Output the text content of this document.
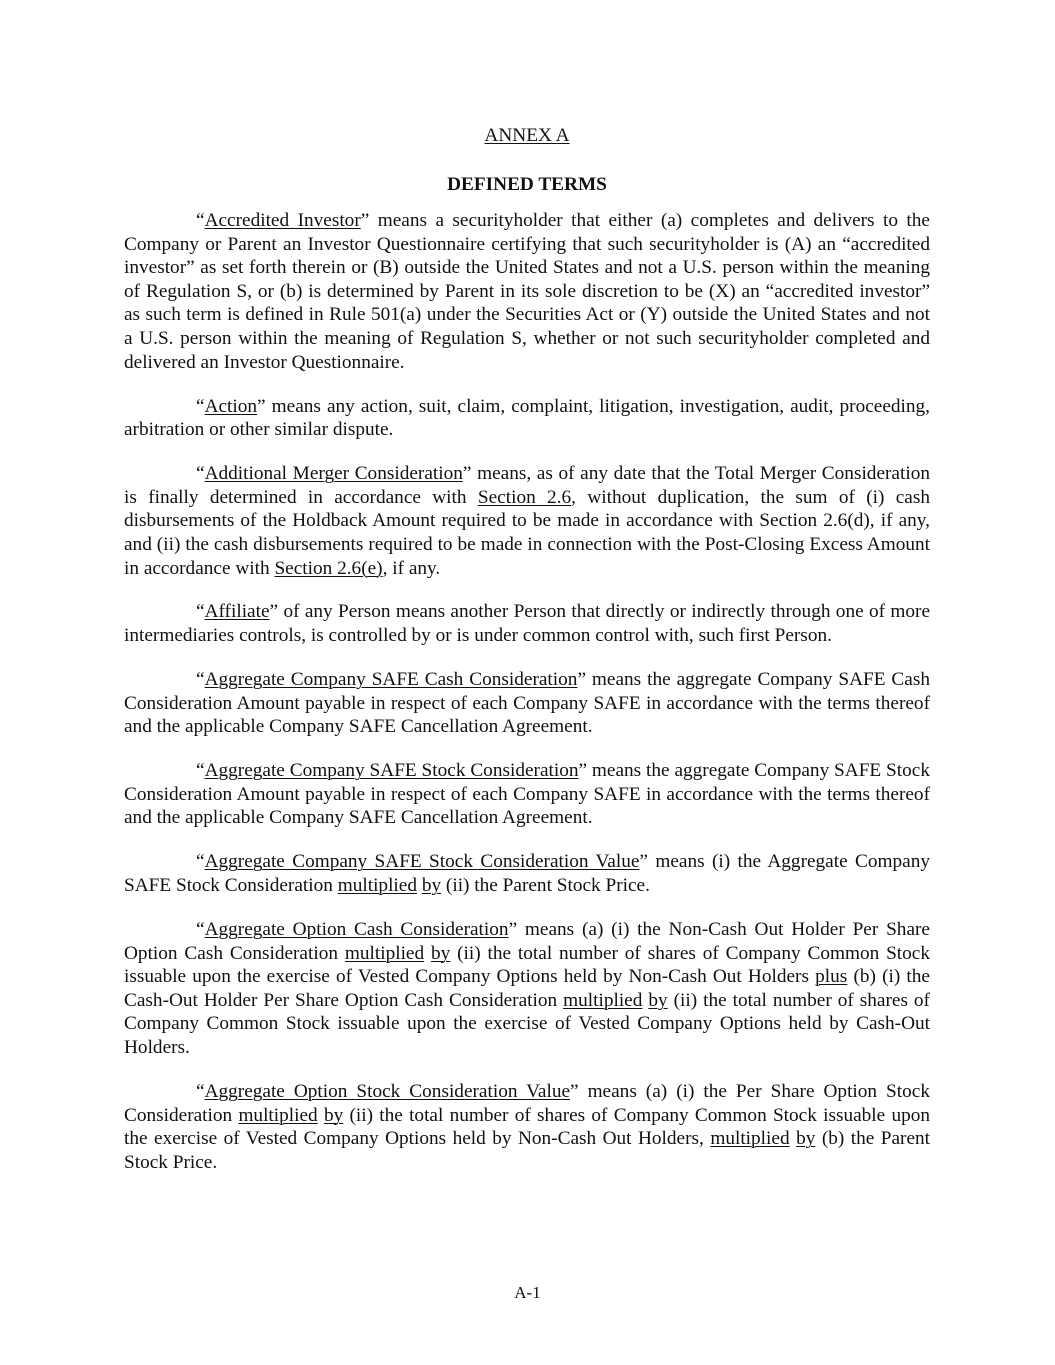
ANNEX A
DEFINED TERMS

“Accredited Investor” means a securityholder that either (a) completes and delivers to the Company or Parent an Investor Questionnaire certifying that such securityholder is (A) an “accredited investor” as set forth therein or (B) outside the United States and not a U.S. person within the meaning of Regulation S, or (b) is determined by Parent in its sole discretion to be (X) an “accredited investor” as such term is defined in Rule 501(a) under the Securities Act or (Y) outside the United States and not a U.S. person within the meaning of Regulation S, whether or not such securityholder completed and delivered an Investor Questionnaire.

“Action” means any action, suit, claim, complaint, litigation, investigation, audit, proceeding, arbitration or other similar dispute.

“Additional Merger Consideration” means, as of any date that the Total Merger Consideration is finally determined in accordance with Section 2.6, without duplication, the sum of (i) cash disbursements of the Holdback Amount required to be made in accordance with Section 2.6(d), if any, and (ii) the cash disbursements required to be made in connection with the Post-Closing Excess Amount in accordance with Section 2.6(e), if any.

“Affiliate” of any Person means another Person that directly or indirectly through one of more intermediaries controls, is controlled by or is under common control with, such first Person.

“Aggregate Company SAFE Cash Consideration” means the aggregate Company SAFE Cash Consideration Amount payable in respect of each Company SAFE in accordance with the terms thereof and the applicable Company SAFE Cancellation Agreement.

“Aggregate Company SAFE Stock Consideration” means the aggregate Company SAFE Stock Consideration Amount payable in respect of each Company SAFE in accordance with the terms thereof and the applicable Company SAFE Cancellation Agreement.

“Aggregate Company SAFE Stock Consideration Value” means (i) the Aggregate Company SAFE Stock Consideration multiplied by (ii) the Parent Stock Price.

“Aggregate Option Cash Consideration” means (a) (i) the Non-Cash Out Holder Per Share Option Cash Consideration multiplied by (ii) the total number of shares of Company Common Stock issuable upon the exercise of Vested Company Options held by Non-Cash Out Holders plus (b) (i) the Cash-Out Holder Per Share Option Cash Consideration multiplied by (ii) the total number of shares of Company Common Stock issuable upon the exercise of Vested Company Options held by Cash-Out Holders.

“Aggregate Option Stock Consideration Value” means (a) (i) the Per Share Option Stock Consideration multiplied by (ii) the total number of shares of Company Common Stock issuable upon the exercise of Vested Company Options held by Non-Cash Out Holders, multiplied by (b) the Parent Stock Price.

A-1
